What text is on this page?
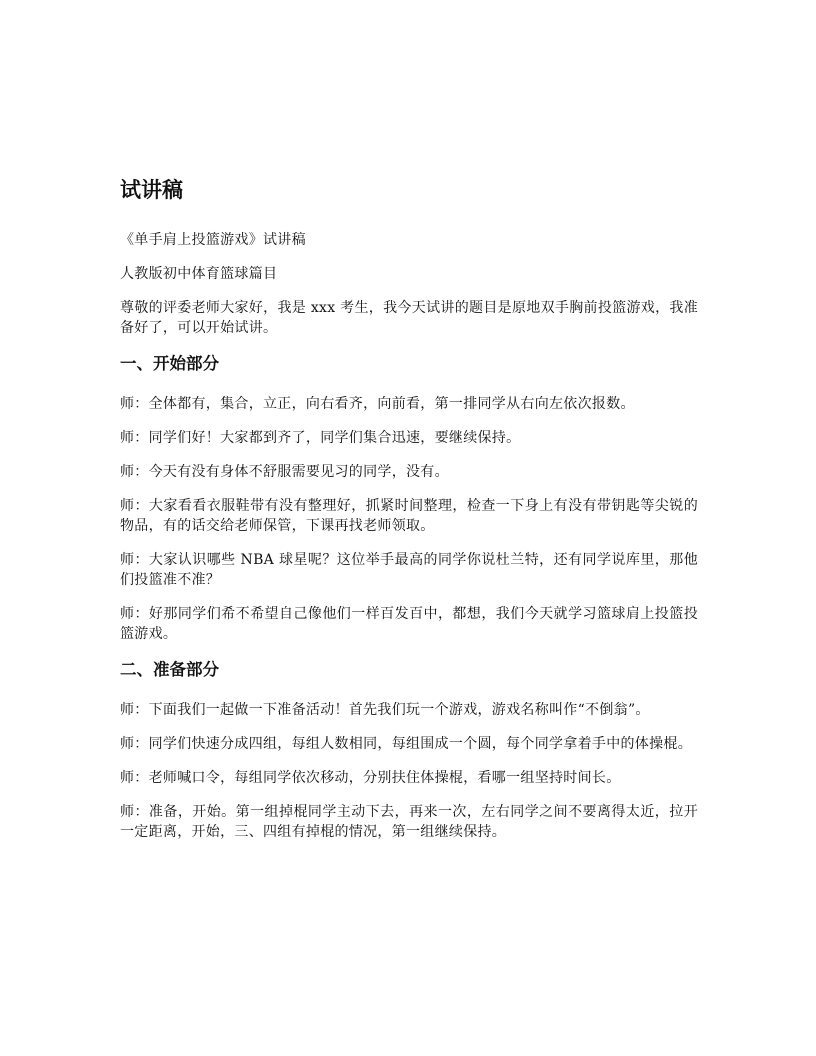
试讲稿

《单手肩上投篮游戏》试讲稿

人教版初中体育篮球篇目

尊敬的评委老师大家好，我是 xxx 考生，我今天试讲的题目是原地双手胸前投篮游戏，我准备好了，可以开始试讲。

一、开始部分

师：全体都有，集合，立正，向右看齐，向前看，第一排同学从右向左依次报数。

师：同学们好！大家都到齐了，同学们集合迅速，要继续保持。

师：今天有没有身体不舒服需要见习的同学，没有。

师：大家看看衣服鞋带有没有整理好，抓紧时间整理，检查一下身上有没有带钥匙等尖锐的物品，有的话交给老师保管，下课再找老师领取。

师：大家认识哪些 NBA 球星呢？这位举手最高的同学你说杜兰特，还有同学说库里，那他们投篮准不准？

师：好那同学们希不希望自己像他们一样百发百中，都想，我们今天就学习篮球肩上投篮投篮游戏。

二、准备部分

师：下面我们一起做一下准备活动！首先我们玩一个游戏，游戏名称叫作“不倒翁”。

师：同学们快速分成四组，每组人数相同，每组围成一个圆，每个同学拿着手中的体操棍。

师：老师喊口令，每组同学依次移动，分别扶住体操棍，看哪一组坚持时间长。

师：准备，开始。第一组掉棍同学主动下去，再来一次，左右同学之间不要离得太近，拉开一定距离，开始，三、四组有掉棍的情况，第一组继续保持。
